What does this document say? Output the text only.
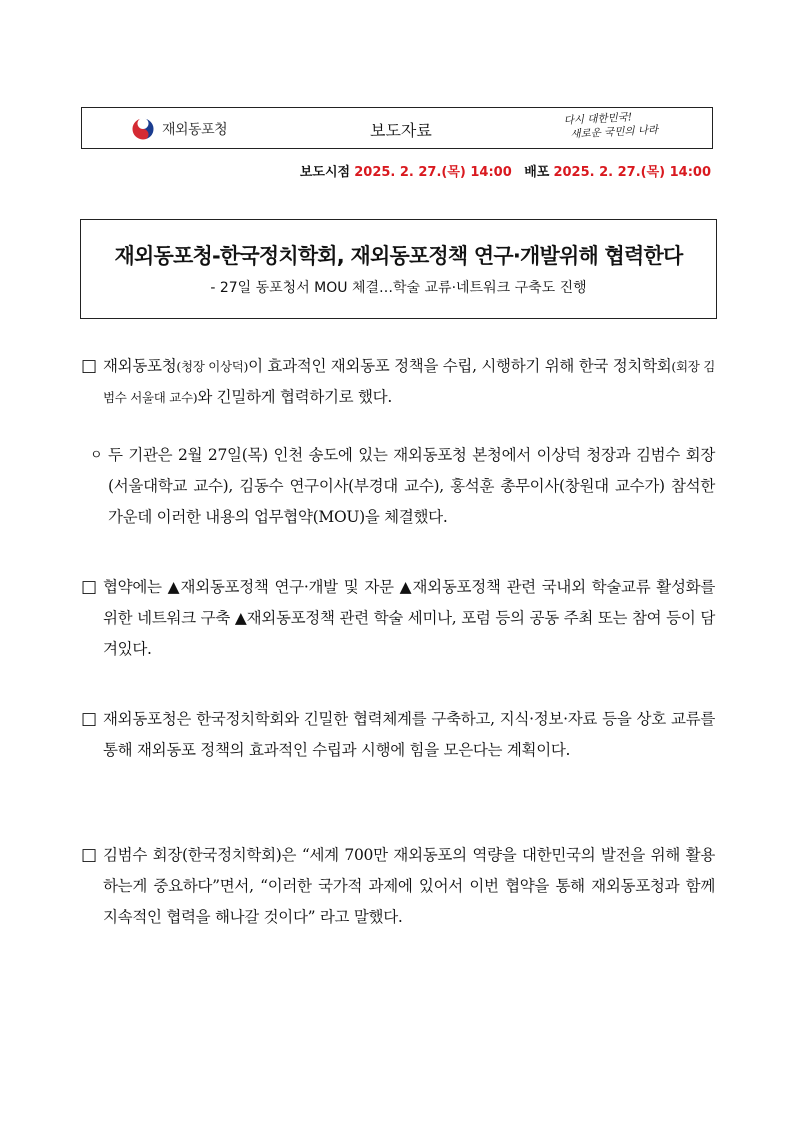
재외동포청	보도자료
다시 대한민국!
새로운 국민의 나라
보도시점 2025. 2. 27.(목) 14:00 배포 2025. 2. 27.(목) 14:00
재외동포청-한국정치학회, 재외동포정책 연구·개발위해 협력한다
- 27일 동포청서 MOU 체결…학술 교류·네트워크 구축도 진행
□ 재외동포청(청장 이상덕)이 효과적인 재외동포 정책을 수립, 시행하기 위해 한국 정치학회(회장 김범수 서울대 교수)와 긴밀하게 협력하기로 했다.
ㅇ 두 기관은 2월 27일(목) 인천 송도에 있는 재외동포청 본청에서 이상덕 청장과 김범수 회장(서울대학교 교수), 김동수 연구이사(부경대 교수), 홍석훈 총무이사(창원대 교수가) 참석한 가운데 이러한 내용의 업무협약(MOU)을 체결했다.
□ 협약에는 ▲재외동포정책 연구·개발 및 자문 ▲재외동포정책 관련 국내외 학술교류 활성화를 위한 네트워크 구축 ▲재외동포정책 관련 학술 세미나, 포럼 등의 공동 주최 또는 참여 등이 담겨있다.
□ 재외동포청은 한국정치학회와 긴밀한 협력체계를 구축하고, 지식·정보·자료 등을 상호 교류를 통해 재외동포 정책의 효과적인 수립과 시행에 힘을 모은다는 계획이다.
□ 김범수 회장(한국정치학회)은 “세계 700만 재외동포의 역량을 대한민국의 발전을 위해 활용하는게 중요하다”면서, “이러한 국가적 과제에 있어서 이번 협약을 통해 재외동포청과 함께 지속적인 협력을 해나갈 것이다” 라고 말했다.
